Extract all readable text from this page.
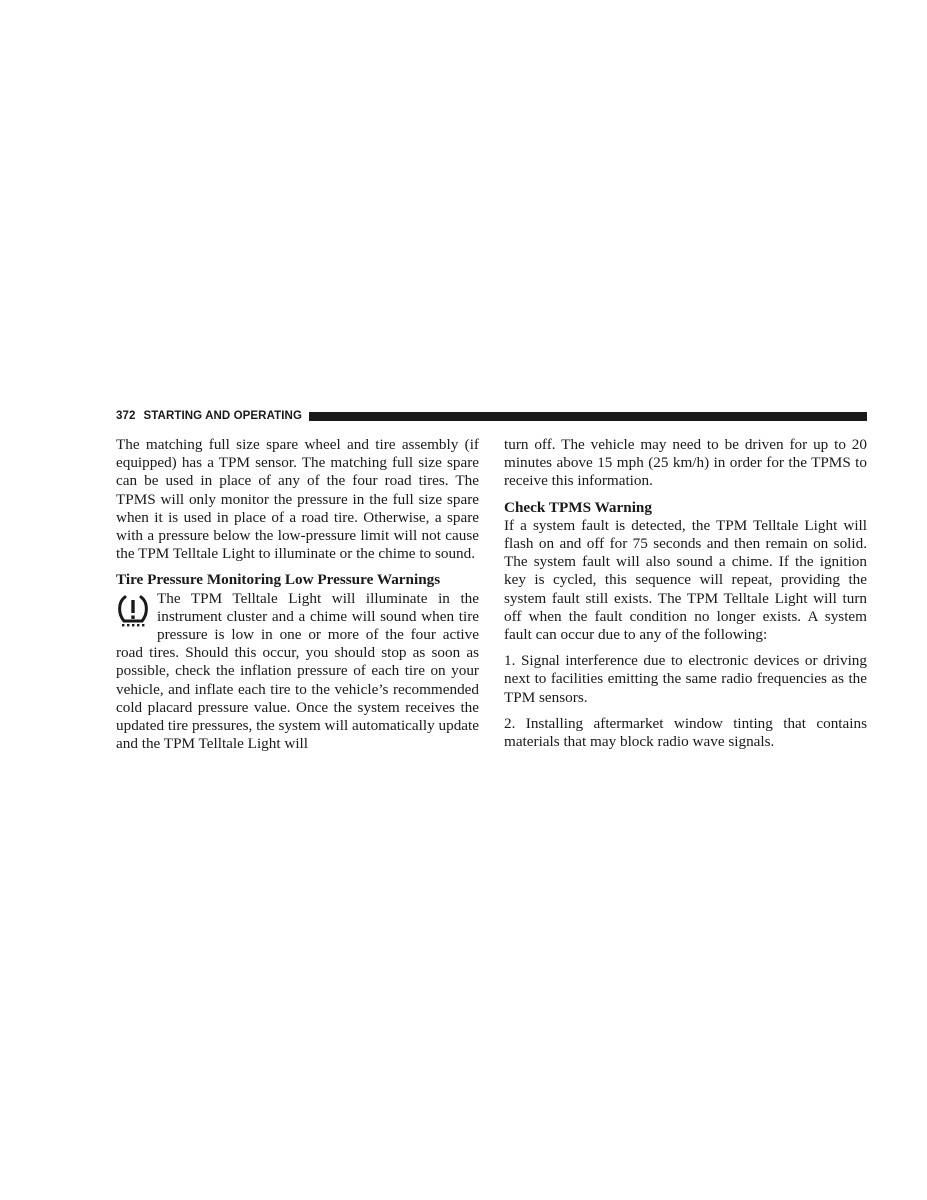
372 STARTING AND OPERATING

The matching full size spare wheel and tire assembly (if equipped) has a TPM sensor. The matching full size spare can be used in place of any of the four road tires. The TPMS will only monitor the pressure in the full size spare when it is used in place of a road tire. Otherwise, a spare with a pressure below the low-pressure limit will not cause the TPM Telltale Light to illuminate or the chime to sound.

Tire Pressure Monitoring Low Pressure Warnings

The TPM Telltale Light will illuminate in the instrument cluster and a chime will sound when tire pressure is low in one or more of the four active road tires. Should this occur, you should stop as soon as possible, check the inflation pressure of each tire on your vehicle, and inflate each tire to the vehicle’s recommended cold placard pressure value. Once the system receives the updated tire pressures, the system will automatically update and the TPM Telltale Light will

turn off. The vehicle may need to be driven for up to 20 minutes above 15 mph (25 km/h) in order for the TPMS to receive this information.

Check TPMS Warning

If a system fault is detected, the TPM Telltale Light will flash on and off for 75 seconds and then remain on solid. The system fault will also sound a chime. If the ignition key is cycled, this sequence will repeat, providing the system fault still exists. The TPM Telltale Light will turn off when the fault condition no longer exists. A system fault can occur due to any of the following:

1. Signal interference due to electronic devices or driving next to facilities emitting the same radio frequencies as the TPM sensors.

2. Installing aftermarket window tinting that contains materials that may block radio wave signals.
